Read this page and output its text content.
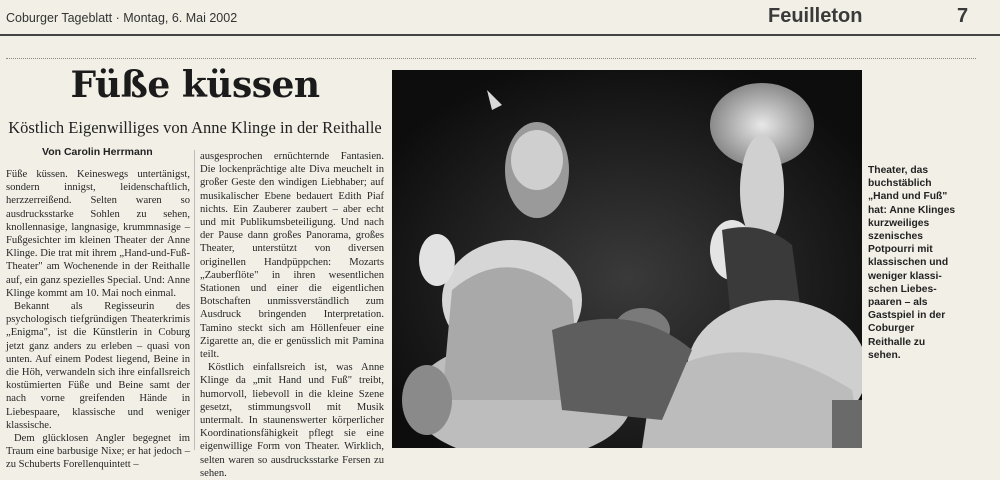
Coburger Tageblatt · Montag, 6. Mai 2002	Feuilleton	7
Füße küssen
Köstlich Eigenwilliges von Anne Klinge in der Reithalle
Von Carolin Herrmann

Füße küssen. Keineswegs untertänigst, sondern innigst, leidenschaftlich, herzzerreißend. Selten waren so ausdrucksstarke Sohlen zu sehen, knollennasige, langnasige, krummnasige – Fußgesichter im kleinen Theater der Anne Klinge. Die trat mit ihrem „Hand-und-Fuß-Theater" am Wochenende in der Reithalle auf, ein ganz spezielles Special. Und: Anne Klinge kommt am 10. Mai noch einmal.

Bekannt als Regisseurin des psychologisch tiefgründigen Theaterkrimis „Enigma", ist die Künstlerin in Coburg jetzt ganz anders zu erleben – quasi von unten. Auf einem Podest liegend, Beine in die Höh, verwandeln sich ihre einfallsreich kostümierten Füße und Beine samt der nach vorne greifenden Hände in Liebespaare, klassische und weniger klassische.

Dem glücklosen Angler begegnet im Traum eine barbusige Nixe; er hat jedoch – zu Schuberts Forellenquintett –

ausgesprochen ernüchternde Fantasien. Die lockenprächtige alte Diva meuchelt in großer Geste den windigen Liebhaber; auf musikalischer Ebene bedauert Edith Piaf nichts. Ein Zauberer zaubert – aber echt und mit Publikumsbeteiligung. Und nach der Pause dann großes Panorama, großes Theater, unterstützt von diversen originellen Handpüppchen: Mozarts „Zauberflöte" in ihren wesentlichen Stationen und einer die eigentlichen Botschaften unmissverständlich zum Ausdruck bringenden Interpretation. Tamino steckt sich am Höllenfeuer eine Zigarette an, die er genüsslich mit Pamina teilt.

Köstlich einfallsreich ist, was Anne Klinge da „mit Hand und Fuß" treibt, humorvoll, liebevoll in die kleine Szene gesetzt, stimmungsvoll mit Musik untermalt. In staunenswerter körperlicher Koordinationsfähigkeit pflegt sie eine eigenwillige Form von Theater. Wirklich, selten waren so ausdrucksstarke Fersen zu sehen.

Theater, das
buchstäblich
„Hand und Fuß"
hat: Anne Klinges
kurzweiliges
szenisches
Potpourri mit
klassischen und
weniger klassi-
schen Liebes-
paaren – als
Gastspiel in der
Coburger
Reithalle zu
sehen.
